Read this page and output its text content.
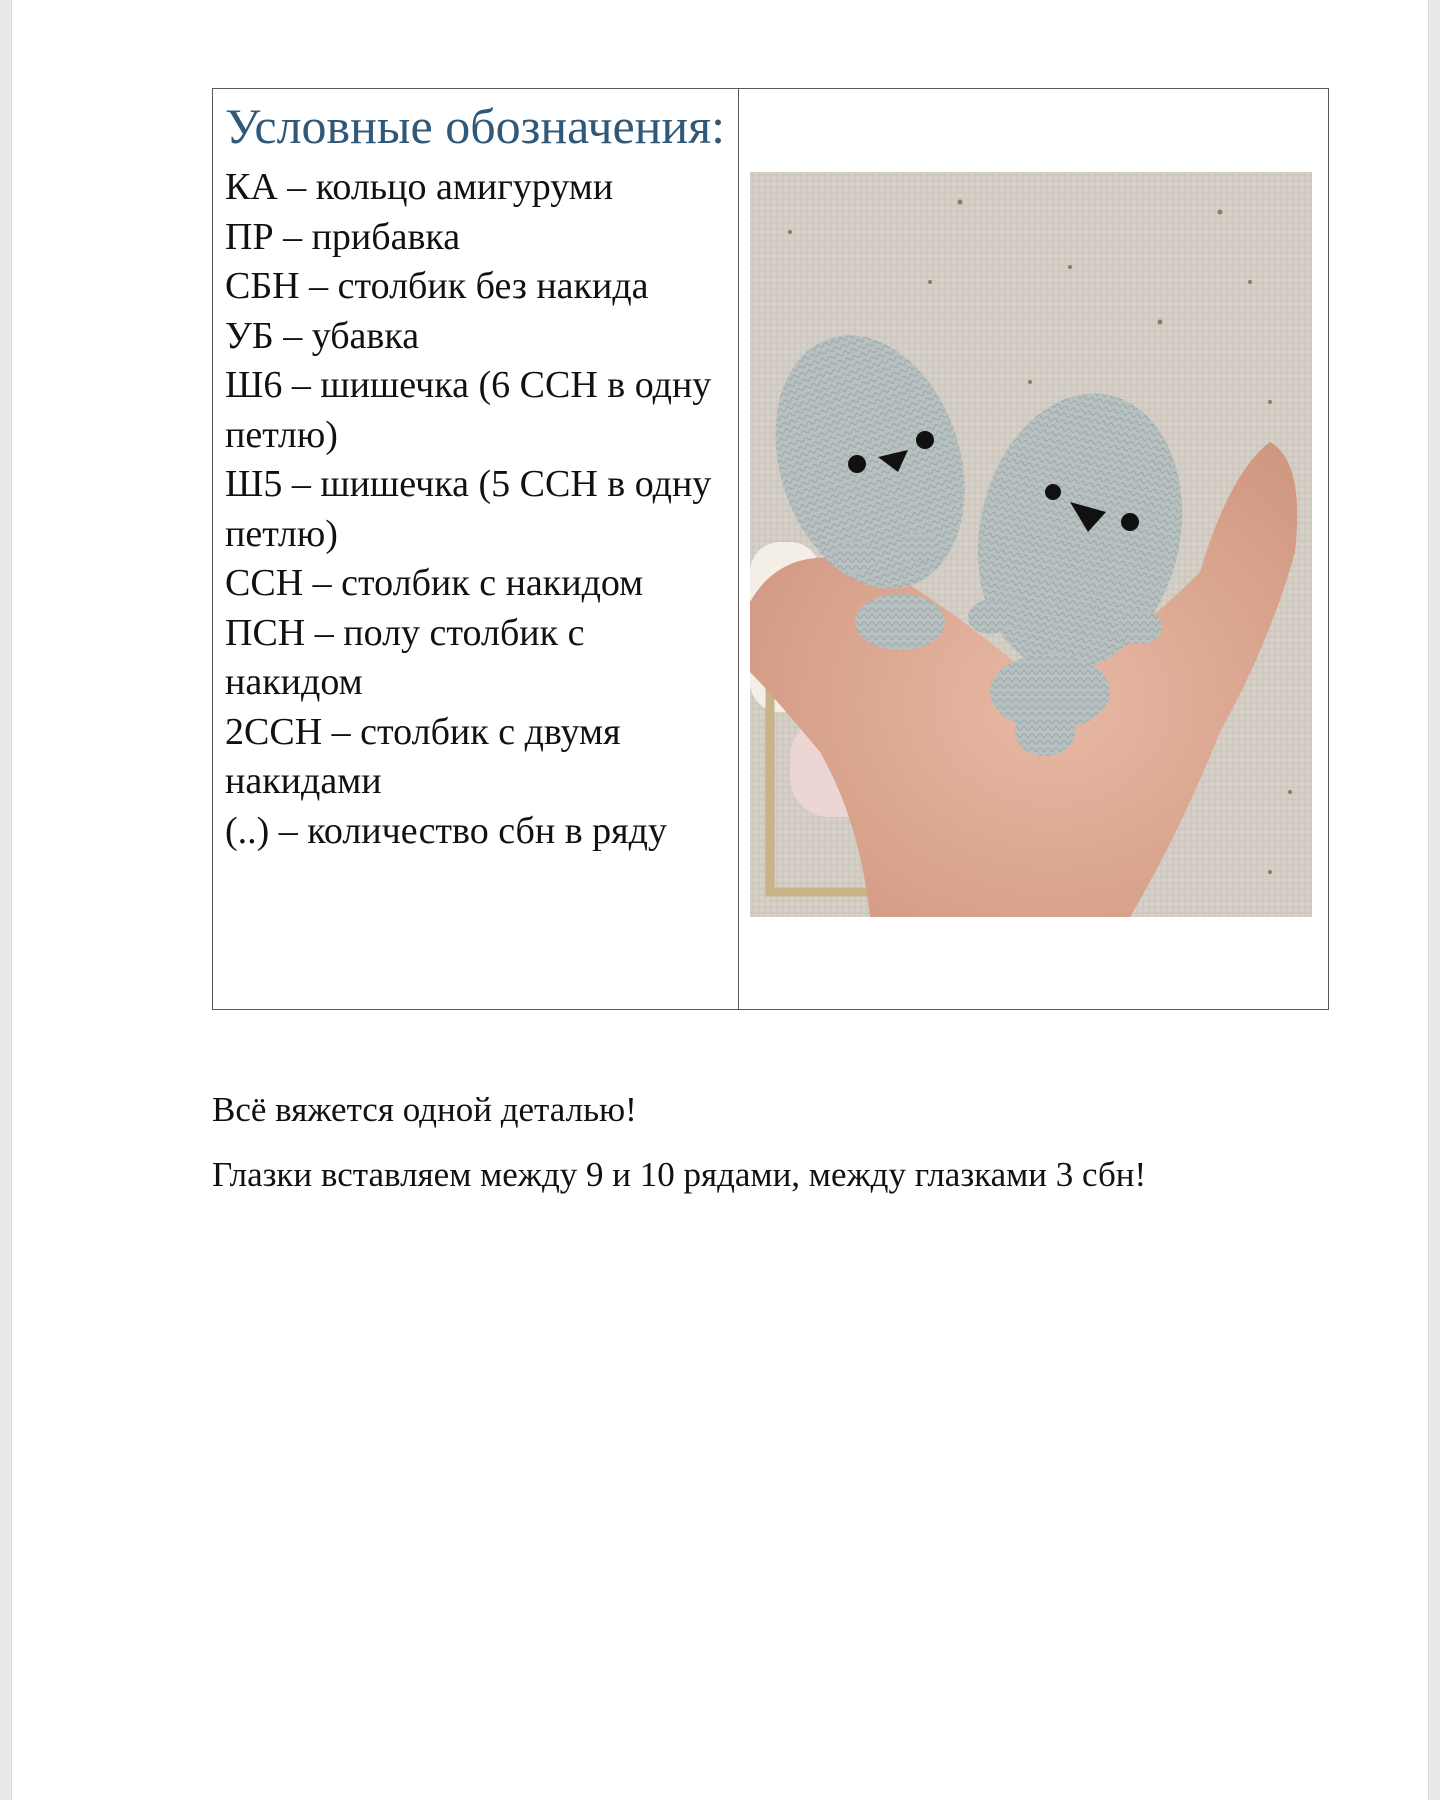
Условные обозначения:
КА – кольцо амигуруми
ПР – прибавка
СБН – столбик без накида
УБ – убавка
Ш6 – шишечка (6 ССН в одну петлю)
Ш5 – шишечка (5 ССН в одну петлю)
ССН – столбик с накидом
ПСН – полу столбик с накидом
2ССН – столбик с двумя накидами
(..) – количество сбн в ряду

Всё вяжется одной деталью!

Глазки вставляем между 9 и 10 рядами, между глазками 3 сбн!
